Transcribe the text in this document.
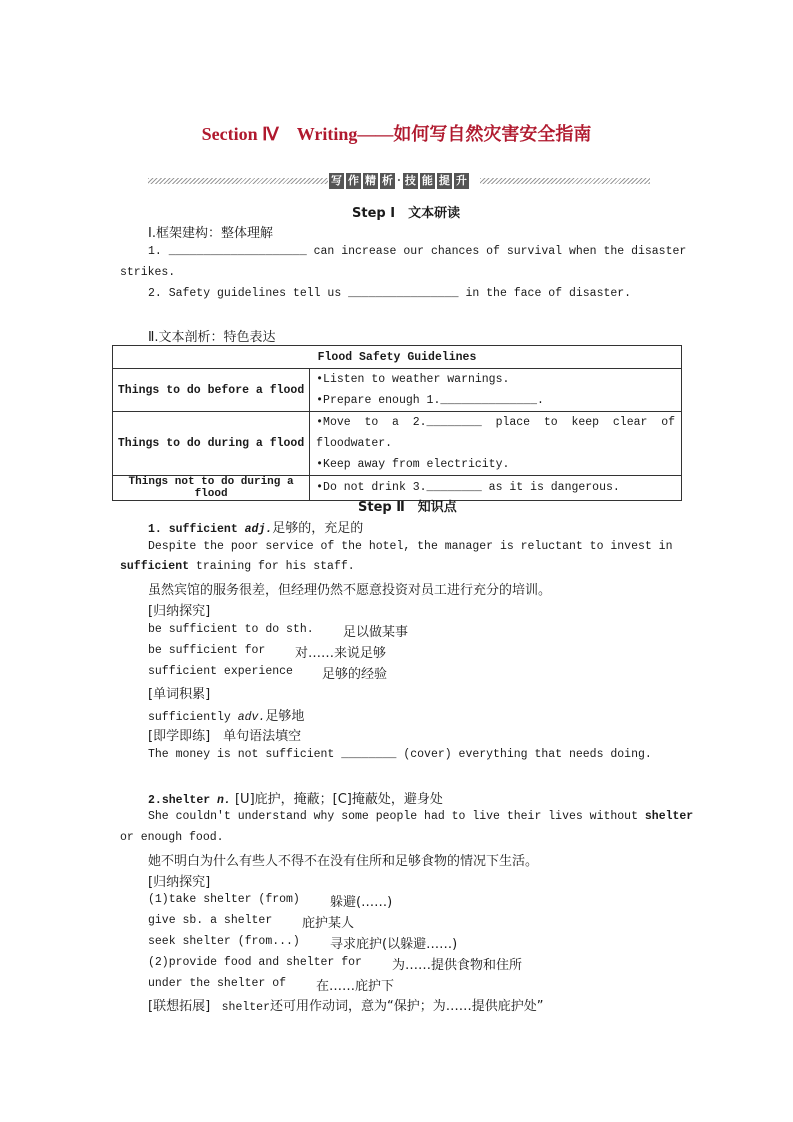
Section Ⅳ　Writing——如何写自然灾害安全指南
写 作 精 析 · 技 能 提 升
Step Ⅰ　文本研读
Ⅰ.框架建构：整体理解
1. ____________________ can increase our chances of survival when the disaster
strikes.
2. Safety guidelines tell us ________________ in the face of disaster.
Ⅱ.文本剖析：特色表达
Flood Safety Guidelines	
Things to do before a flood	•Listen to weather warnings.
•Prepare enough 1.______________.

Things to do during a flood	•Move  to  a  2.________  place  to  keep  clear  of
floodwater.
•Keep away from electricity.

Things not to do during a flood	•Do not drink 3.________ as it is dangerous.
Step Ⅱ　知识点
1. sufficient adj.足够的，充足的
Despite the poor service of the hotel, the manager is reluctant to invest in
sufficient training for his staff.
虽然宾馆的服务很差，但经理仍然不愿意投资对员工进行充分的培训。
[归纳探究]
be sufficient to do sth. 足以做某事
be sufficient for 对……来说足够
sufficient experience 足够的经验
[单词积累]
sufficiently adv.足够地
[即学即练]　单句语法填空
The money is not sufficient ________ (cover) everything that needs doing.
2.shelter n. [U]庇护，掩蔽；[C]掩蔽处，避身处
She couldn't understand why some people had to live their lives without shelter
or enough food.
她不明白为什么有些人不得不在没有住所和足够食物的情况下生活。
[归纳探究]
(1)take shelter (from) 躲避(……)
give sb. a shelter 庇护某人
seek shelter (from...) 寻求庇护(以躲避……)
(2)provide food and shelter for 为……提供食物和住所
under the shelter of 在……庇护下
[联想拓展]　shelter还可用作动词，意为“保护；为……提供庇护处”
